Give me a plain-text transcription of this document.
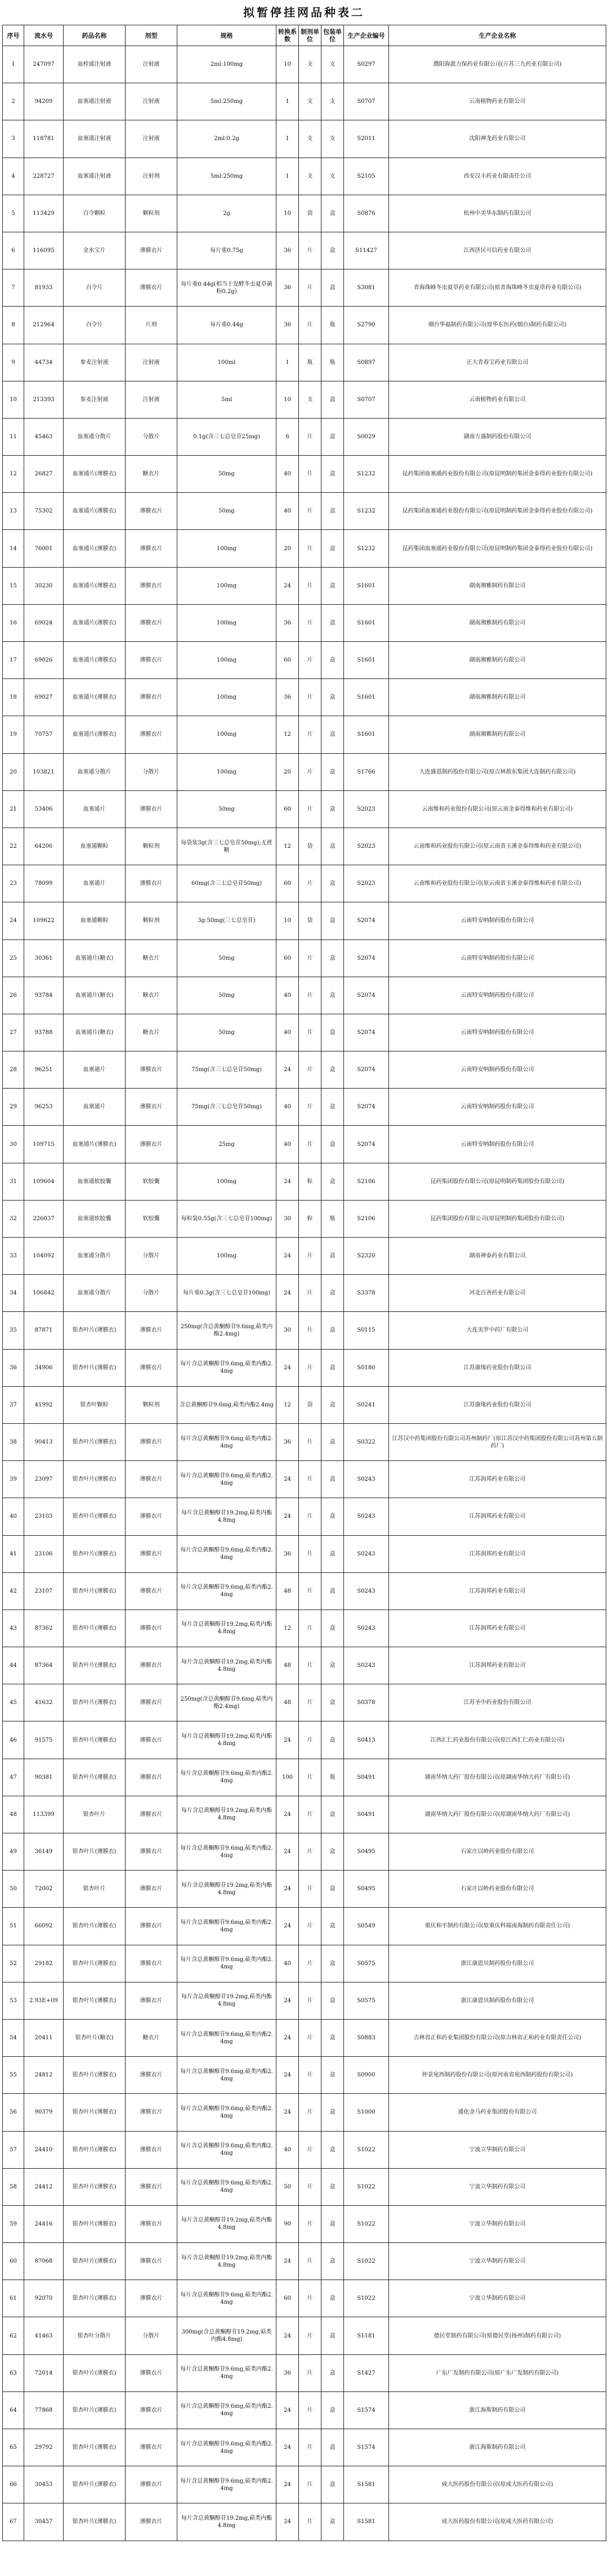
拟暂停挂网品种表二
序号	流水号	药品名称	剂型	规格	转换系数	制剂单位	包装单位	生产企业编号	生产企业名称
1	247097	血栓通注射液	注射液	2ml:100mg	10	支	支	S0297	濮阳海派力保药业有限公司(万苏三九药业有限公司)
2	94209	血塞通注射液	注射液	5ml:250mg	1	支	支	S0707	云南植物药业有限公司
3	118781	血塞通注射液	注射液	2ml:0.2g	1	支	支	S2011	沈阳神龙药业有限公司
4	228727	血塞通注射液	注射剂	5ml:250mg	1	支	支	S2105	西安汉丰药业有限责任公司
5	113429	百令颗粒	颗粒剂	2g	10	袋	盒	S0876	杭州中美华东制药有限公司
6	116095	金水宝片	薄膜衣片	每片重0.75g	36	片	盒	S11427	江西济民可信药业有限公司
7	81933	百令片	薄膜衣片	每片重0.44g(相当于发酵冬虫夏草菌粉0.2g)	36	片	盒	S3081	青海珠峰冬虫夏草药业有限公司(原青海珠峰冬虫夏草药业有限公司)
8	212964	百令片	片剂	每片重0.44g	36	片	瓶	S2790	烟台华福制药有限公司(原华东医药(烟台)制药有限公司)
9	44734	参麦注射液	注射液	100ml	1	瓶	瓶	S0897	正大青春宝药业有限公司
10	213393	参麦注射液	注射液	5ml	10	支	盒	S0707	云南植物药业有限公司
11	45463	血塞通分散片	分散片	0.1g(含三七总皂苷25mg)	6	片	盒	S0029	湖南方盛制药股份有限公司
12	26827	血塞通片(薄膜衣)	糖衣片	50mg	40	片	盒	S1232	昆药集团血塞通药业股份有限公司(原昆明制药集团金泰得药业股份有限公司)
13	75302	血塞通片(薄膜衣)	薄膜衣片	50mg	40	片	盒	S1232	昆药集团血塞通药业股份有限公司(原昆明制药集团金泰得药业股份有限公司)
14	76001	血塞通片(薄膜衣)	薄膜衣片	100mg	20	片	盒	S1232	昆药集团血塞通药业股份有限公司(原昆明制药集团金泰得药业股份有限公司)
15	30230	血塞通片(薄膜衣)	薄膜衣片	100mg	24	片	盒	S1601	湖南湘雅制药有限公司
16	69024	血塞通片(薄膜衣)	薄膜衣片	100mg	36	片	盒	S1601	湖南湘雅制药有限公司
17	69026	血塞通片(薄膜衣)	薄膜衣片	100mg	60	片	盒	S1601	湖南湘雅制药有限公司
18	69027	血塞通片(薄膜衣)	薄膜衣片	100mg	36	片	盒	S1601	湖南湘雅制药有限公司
19	70757	血塞通片(薄膜衣)	薄膜衣片	100mg	12	片	盒	S1601	湖南湘雅制药有限公司
20	103821	血塞通分散片	分散片	100mg	20	片	盒	S1766	大连盛恩制药股份有限公司(原吉林敖东集团大连制药有限公司)
21	53406	血塞通片	薄膜衣片	50mg	60	片	盒	S2023	云南维和药业股份有限公司(原云南金泰得维和药业有限公司)
22	64206	血塞通颗粒	颗粒剂	每袋装3g(含三七总皂苷50mg);无蔗糖	12	袋	盒	S2023	云南维和药业股份有限公司(原云南省玉溪金泰得维和药业有限公司)
23	78099	血塞通片	薄膜衣片	60mg(含三七总皂苷50mg)	60	片	盒	S2023	云南维和药业股份有限公司(原云南省玉溪金泰得维和药业有限公司)
24	109622	血塞通颗粒	颗粒剂	3g:50mg(三七总皂苷)	10	袋	盒	S2074	云南特安呐制药股份有限公司
25	30361	血塞通片(糖衣)	糖衣片	50mg	60	片	盒	S2074	云南特安呐制药股份有限公司
26	93784	血塞通片(糖衣)	糖衣片	50mg	40	片	盒	S2074	云南特安呐制药股份有限公司
27	93788	血塞通片(糖衣)	糖衣片	50mg	40	片	盒	S2074	云南特安呐制药股份有限公司
28	96251	血塞通片	薄膜衣片	75mg(含三七总皂苷50mg)	24	片	盒	S2074	云南特安呐制药股份有限公司
29	96253	血塞通片	薄膜衣片	75mg(含三七总皂苷50mg)	40	片	盒	S2074	云南特安呐制药股份有限公司
30	109715	血塞通片(薄膜衣)	薄膜衣片	25mg	40	片	盒	S2074	云南特安呐制药股份有限公司
31	109604	血塞通软胶囊	软胶囊	100mg	24	粒	盒	S2106	昆药集团股份有限公司(原昆明制药集团股份有限公司)
32	226037	血塞通软胶囊	软胶囊	每粒装0.55g(含三七总皂苷100mg)	30	粒	瓶	S2106	昆药集团股份有限公司(原昆明制药集团股份有限公司)
33	104092	血塞通分散片	分散片	100mg	24	片	盒	S2320	湖南神泰药业有限公司
34	106842	血塞通分散片	分散片	每片重0.3g(含三七总皂苷100mg)	24	片	盒	S3378	河北百善药业有限公司
35	87871	银杏叶片(薄膜衣)	薄膜衣片	250mg(含总黄酮醇苷9.6mg,萜类内酯2.4mg)	30	片	盒	S0115	大连美罗中药厂有限公司
36	34906	银杏叶片(薄膜衣)	薄膜衣片	每片含总黄酮醇苷9.6mg,萜类内酯2.4mg	24	片	盒	S0180	江苏康缘药业股份有限公司
37	41992	银杏叶颗粒	颗粒剂	含总黄酮醇苷9.6mg,萜类内酯2.4mg	12	袋	盒	S0241	江苏康缘药业股份有限公司
38	90413	银杏叶片(薄膜衣)	薄膜衣片	每片含总黄酮醇苷9.6mg,萜类内酯2.4mg	36	片	盒	S0322	江苏汉中药集团股份有限公司苏州制药厂(原江苏汉中药集团股份有限公司苏州第五制药厂)
39	23097	银杏叶片(薄膜衣)	薄膜衣片	每片含总黄酮醇苷9.6mg,萜类内酯2.4mg	24	片	盒	S0243	江苏润邦药业有限公司
40	23103	银杏叶片(薄膜衣)	薄膜衣片	每片含总黄酮醇苷19.2mg,萜类内酯4.8mg	24	片	盒	S0243	江苏润邦药业有限公司
41	23106	银杏叶片(薄膜衣)	薄膜衣片	每片含总黄酮醇苷9.6mg,萜类内酯2.4mg	36	片	盒	S0243	江苏润邦药业有限公司
42	23107	银杏叶片(薄膜衣)	薄膜衣片	每片含总黄酮醇苷9.6mg,萜类内酯2.4mg	48	片	盒	S0243	江苏润邦药业有限公司
43	87362	银杏叶片(薄膜衣)	薄膜衣片	每片含总黄酮醇苷19.2mg,萜类内酯4.8mg	12	片	盒	S0243	江苏润邦药业有限公司
44	87364	银杏叶片(薄膜衣)	薄膜衣片	每片含总黄酮醇苷19.2mg,萜类内酯4.8mg	48	片	盒	S0243	江苏润邦药业有限公司
45	41632	银杏叶片(薄膜衣)	薄膜衣片	250mg(含总黄酮醇苷9.6mg,萜类内酯2.4mg)	48	片	盒	S0378	江苏圣中药业股份有限公司
46	91575	银杏叶片(薄膜衣)	薄膜衣片	每片含总黄酮醇苷19.2mg,萜类内酯4.8mg	24	片	盒	S0413	江西汇仁药业股份有限公司(原江西汇仁药业有限公司)
47	90381	银杏叶片(薄膜衣)	薄膜衣片	每片含总黄酮醇苷9.6mg,萜类内酯2.4mg	100	片	瓶	S0491	湖南华纳大药厂股份有限公司(原湖南华纳大药厂有限公司)
48	113399	银杏叶片	薄膜衣片	每片含总黄酮醇苷19.2mg,萜类内酯4.8mg	24	片	盒	S0491	湖南华纳大药厂股份有限公司(原湖南华纳大药厂有限公司)
49	36149	银杏叶片(薄膜衣)	薄膜衣片	每片含总黄酮醇苷9.6mg,萜类内酯2.4mg	24	片	盒	S0495	石家庄以岭药业股份有限公司
50	72002	银杏叶片	薄膜衣片	每片含总黄酮醇苷19.2mg,萜类内酯4.8mg	24	片	盒	S0495	石家庄以岭药业股份有限公司
51	66092	银杏叶片(薄膜衣)	薄膜衣片	每片含总黄酮醇苷9.6mg,萜类内酯2.4mg	24	片	盒	S0549	重庆和平制药有限公司(原重庆科瑞南海制药有限责任公司)
52	29182	银杏叶片(薄膜衣)	薄膜衣片	每片含总黄酮醇苷9.6mg,萜类内酯2.4mg	40	片	盒	S0575	浙江康恩贝制药股份有限公司
53	2.93E+09	银杏叶片(薄膜衣)	薄膜衣片	每片含总黄酮醇苷19.2mg,萜类内酯4.8mg	24	片	盒	S0575	浙江康恩贝制药股份有限公司
54	20411	银杏叶片(糖衣)	糖衣片	每片含总黄酮醇苷9.6mg,萜类内酯2.4mg	24	片	盒	S0883	吉林省正和药业集团股份有限公司(原吉林省正和药业有限责任公司)
55	24812	银杏叶片(薄膜衣)	薄膜衣片	每片含总黄酮醇苷9.6mg,萜类内酯2.4mg	24	片	盒	S0900	仲景宛西制药股份有限公司(原河南省宛西制药股份有限公司)
56	90379	银杏叶片(薄膜衣)	薄膜衣片	每片含总黄酮醇苷9.6mg,萜类内酯2.4mg	24	片	盒	S1000	通化金马药业集团股份有限公司
57	24410	银杏叶片(薄膜衣)	薄膜衣片	每片含总黄酮醇苷9.6mg,萜类内酯2.4mg	40	片	盒	S1022	宁波立华制药有限公司
58	24412	银杏叶片(薄膜衣)	薄膜衣片	每片含总黄酮醇苷9.6mg,萜类内酯2.4mg	50	片	盒	S1022	宁波立华制药有限公司
59	24416	银杏叶片(薄膜衣)	薄膜衣片	每片含总黄酮醇苷19.2mg,萜类内酯4.8mg	90	片	盒	S1022	宁波立华制药有限公司
60	87068	银杏叶片(薄膜衣)	薄膜衣片	每片含总黄酮醇苷19.2mg,萜类内酯4.8mg	24	片	盒	S1022	宁波立华制药有限公司
61	92070	银杏叶片(薄膜衣)	薄膜衣片	每片含总黄酮醇苷9.6mg,萜类内酯2.4mg	60	片	盒	S1022	宁波立华制药有限公司
62	41463	银杏叶分散片	分散片	300mg(含总黄酮醇苷19.2mg,萜类内酯4.8mg)	24	片	盒	S1181	德民堂制药有限公司(原德民堂(扬州)制药有限公司)
63	72014	银杏叶片(薄膜衣)	薄膜衣片	每片含总黄酮醇苷9.6mg,萜类内酯2.4mg	36	片	盒	S1427	广东广发制药有限公司(原广东广发制药有限公司)
64	77868	银杏叶片(薄膜衣)	薄膜衣片	每片含总黄酮醇苷9.6mg,萜类内酯2.4mg	24	片	盒	S1574	浙江海斯制药有限公司
65	29792	银杏叶片(薄膜衣)	薄膜衣片	每片含总黄酮醇苷9.6mg,萜类内酯2.4mg	24	片	盒	S1574	浙江海斯制药有限公司
66	30453	银杏叶片(薄膜衣)	薄膜衣片	每片含总黄酮醇苷9.6mg,萜类内酯2.4mg	24	片	盒	S1581	成大医药股份有限公司(原成大医药有限公司)
67	30457	银杏叶片(薄膜衣)	薄膜衣片	每片含总黄酮醇苷19.2mg,萜类内酯4.8mg	24	片	盒	S1581	成大医药股份有限公司(原成大医药有限公司)
